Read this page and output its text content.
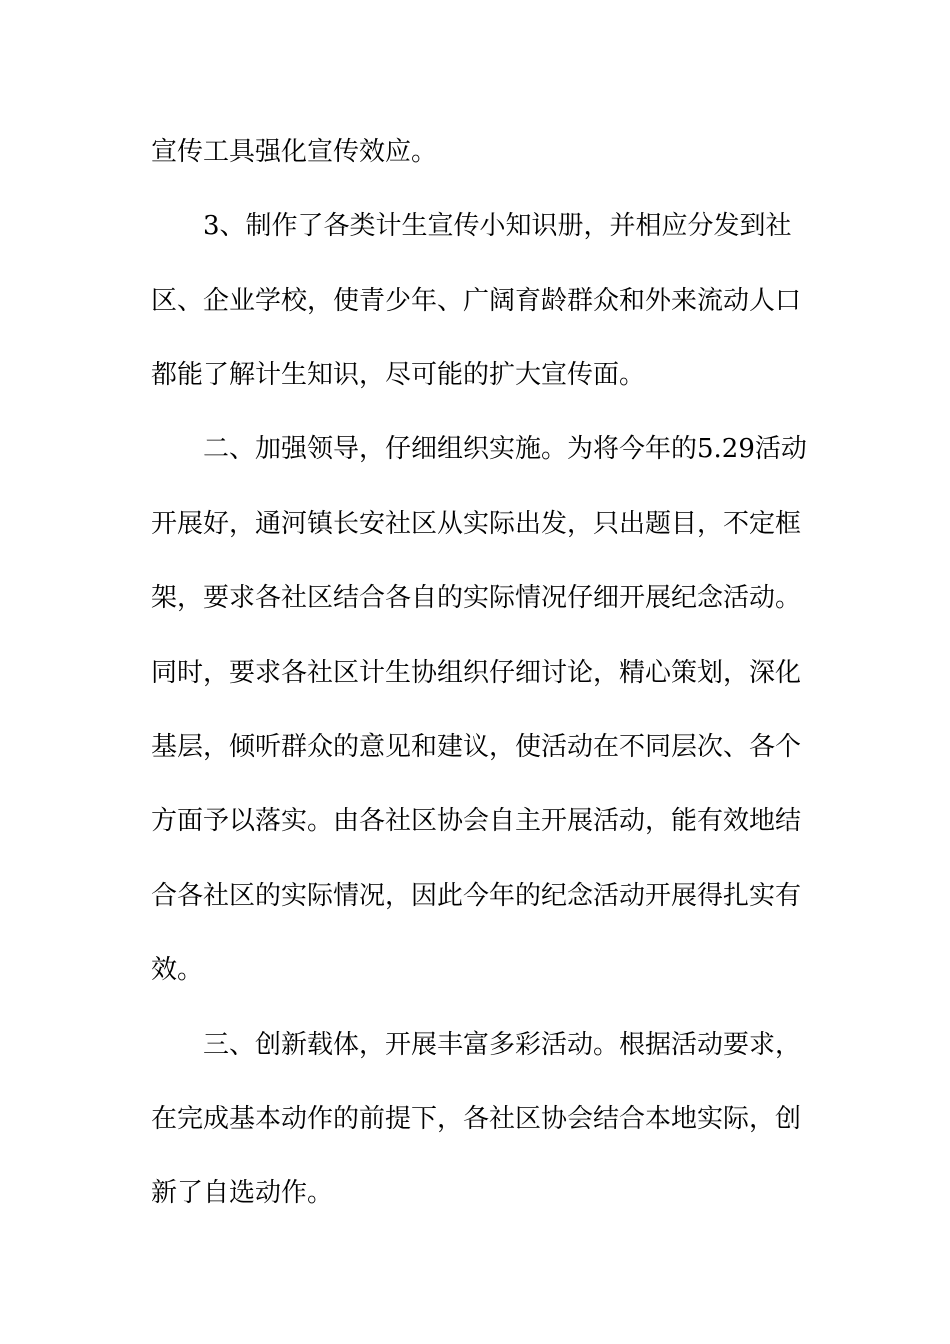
宣传工具强化宣传效应。
3、制作了各类计生宣传小知识册，并相应分发到社
区、企业学校，使青少年、广阔育龄群众和外来流动人口
都能了解计生知识，尽可能的扩大宣传面。
二、加强领导，仔细组织实施。为将今年的5.29活动
开展好，通河镇长安社区从实际出发，只出题目，不定框
架，要求各社区结合各自的实际情况仔细开展纪念活动。
同时，要求各社区计生协组织仔细讨论，精心策划，深化
基层，倾听群众的意见和建议，使活动在不同层次、各个
方面予以落实。由各社区协会自主开展活动，能有效地结
合各社区的实际情况，因此今年的纪念活动开展得扎实有
效。
三、创新载体，开展丰富多彩活动。根据活动要求，
在完成基本动作的前提下，各社区协会结合本地实际，创
新了自选动作。
